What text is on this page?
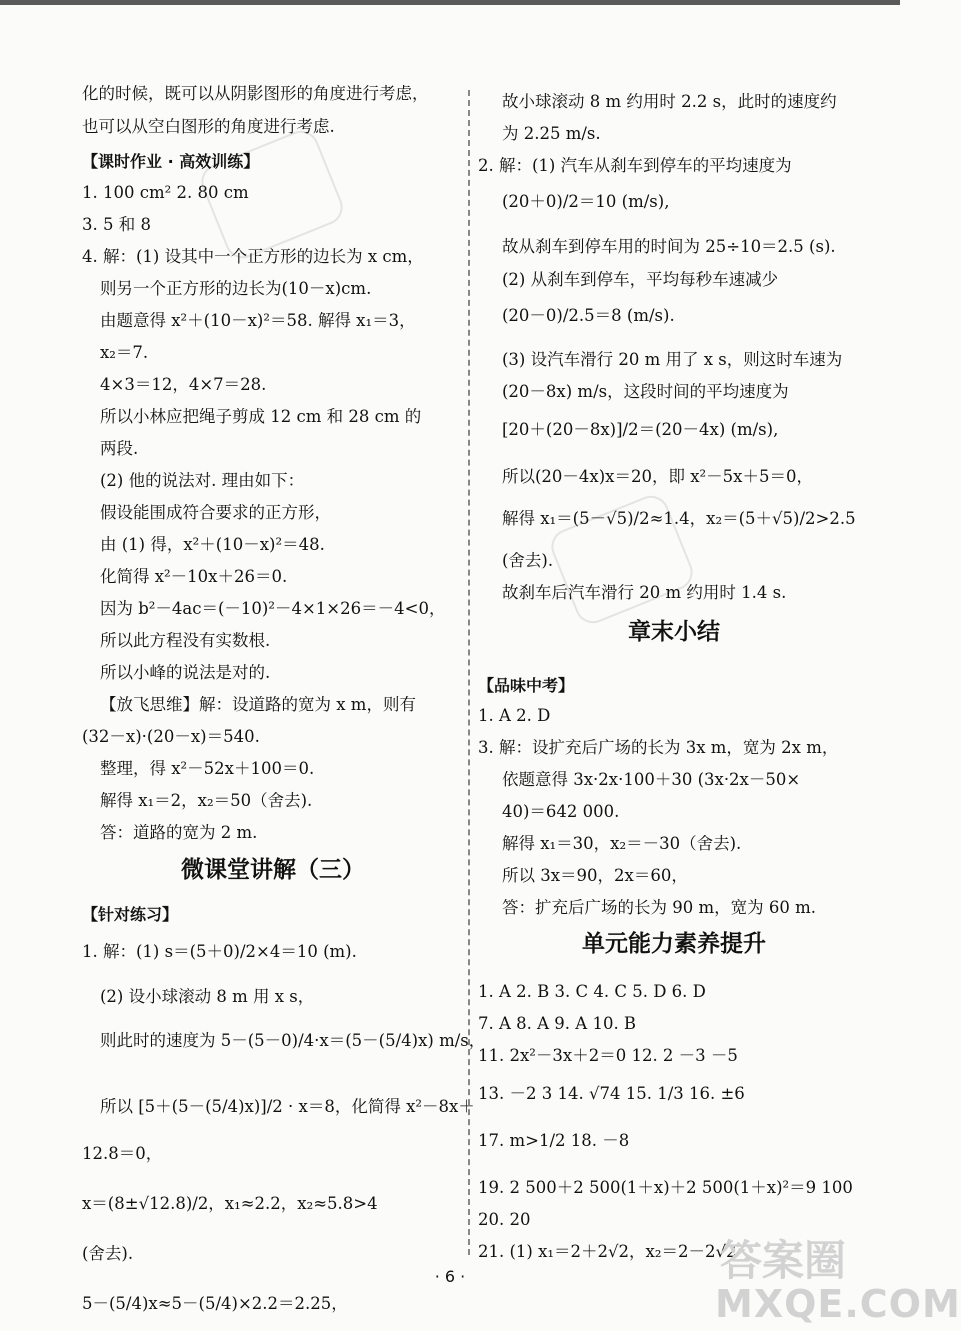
化的时候，既可以从阴影图形的角度进行考虑，
也可以从空白图形的角度进行考虑.
【课时作业 · 高效训练】
1. 100 cm² 2. 80 cm
3. 5 和 8
4. 解：(1) 设其中一个正方形的边长为 x cm，
则另一个正方形的边长为(10－x)cm.
由题意得 x²＋(10－x)²＝58. 解得 x₁＝3，
x₂＝7.
4×3＝12，4×7＝28.
所以小林应把绳子剪成 12 cm 和 28 cm 的
两段.
(2) 他的说法对. 理由如下：
假设能围成符合要求的正方形，
由 (1) 得，x²＋(10－x)²＝48.
化简得 x²－10x＋26＝0.
因为 b²－4ac＝(－10)²－4×1×26＝－4<0，
所以此方程没有实数根.
所以小峰的说法是对的.
【放飞思维】解：设道路的宽为 x m，则有
(32－x)·(20－x)＝540.
整理，得 x²－52x＋100＝0.
解得 x₁＝2，x₂＝50（舍去).
答：道路的宽为 2 m.
微课堂讲解（三）
【针对练习】
1. 解：(1) s＝(5＋0)/2×4＝10 (m).
(2) 设小球滚动 8 m 用 x s，
则此时的速度为 5－(5－0)/4·x＝(5－(5/4)x) m/s，
所以 [5＋(5－(5/4)x)]/2 · x＝8，化简得 x²－8x＋
12.8＝0，
x＝(8±√12.8)/2，x₁≈2.2，x₂≈5.8>4
(舍去).
5－(5/4)x≈5－(5/4)×2.2＝2.25，
故小球滚动 8 m 约用时 2.2 s，此时的速度约
为 2.25 m/s.
2. 解：(1) 汽车从刹车到停车的平均速度为
(20＋0)/2＝10 (m/s),
故从刹车到停车用的时间为 25÷10＝2.5 (s).
(2) 从刹车到停车，平均每秒车速减少
(20－0)/2.5＝8 (m/s).
(3) 设汽车滑行 20 m 用了 x s，则这时车速为
(20－8x) m/s，这段时间的平均速度为
[20＋(20－8x)]/2＝(20－4x) (m/s),
所以(20－4x)x＝20，即 x²－5x＋5＝0，
解得 x₁＝(5－√5)/2≈1.4，x₂＝(5＋√5)/2>2.5
(舍去).
故刹车后汽车滑行 20 m 约用时 1.4 s.
章末小结
【品味中考】
1. A 2. D
3. 解：设扩充后广场的长为 3x m，宽为 2x m，
依题意得 3x·2x·100＋30 (3x·2x－50×
40)＝642 000.
解得 x₁＝30，x₂＝－30（舍去).
所以 3x＝90，2x＝60，
答：扩充后广场的长为 90 m，宽为 60 m.
单元能力素养提升
1. A 2. B 3. C 4. C 5. D 6. D
7. A 8. A 9. A 10. B
11. 2x²－3x＋2＝0 12. 2 －3 －5
13. －2 3 14. √74 15. 1/3 16. ±6
17. m>1/2 18. －8
19. 2 500＋2 500(1＋x)＋2 500(1＋x)²＝9 100
20. 20
21. (1) x₁＝2＋2√2，x₂＝2－2√2
· 6 ·	答案圈
MXQE.COM
